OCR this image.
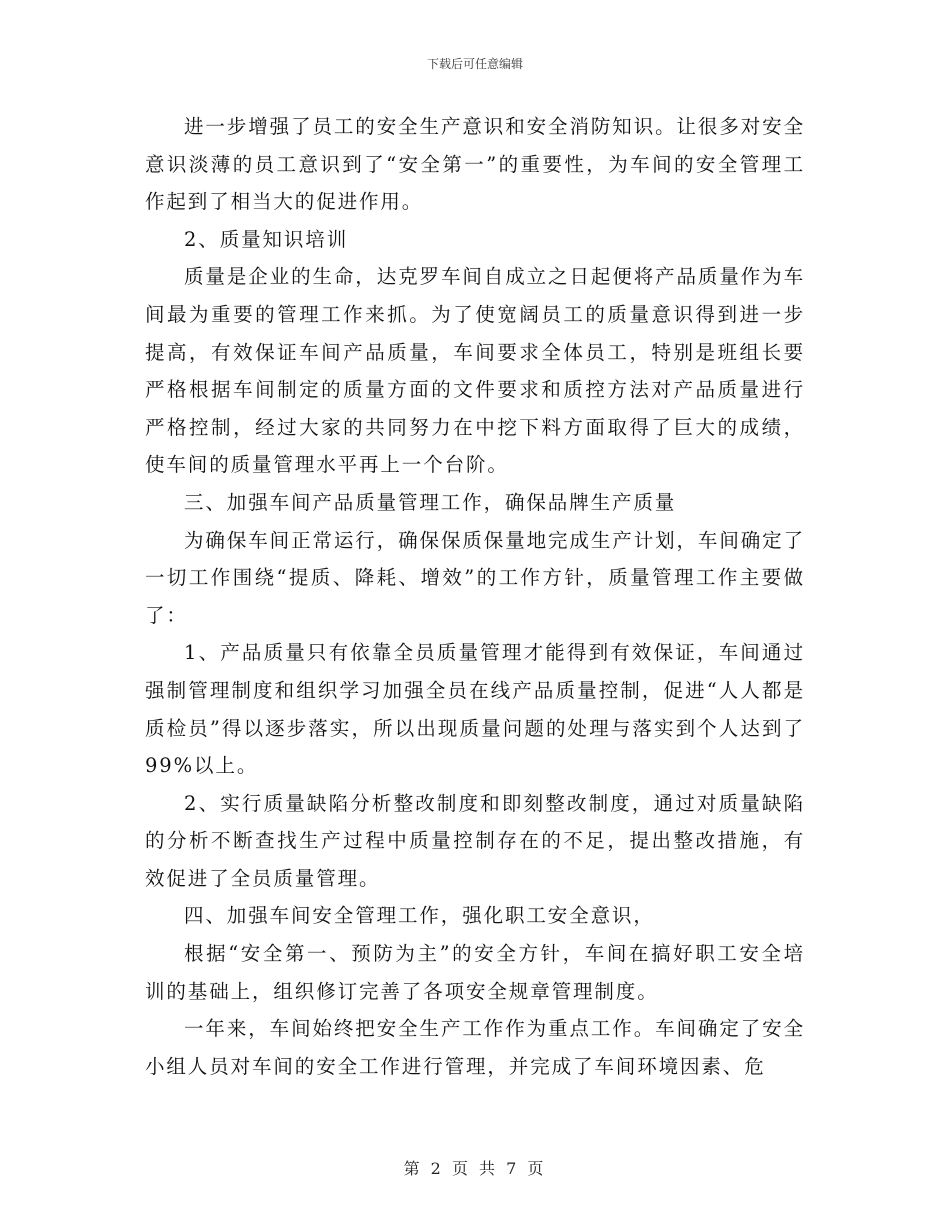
下载后可任意编辑

进一步增强了员工的安全生产意识和安全消防知识。让很多对安全意识淡薄的员工意识到了“安全第一”的重要性，为车间的安全管理工作起到了相当大的促进作用。

2、质量知识培训

质量是企业的生命，达克罗车间自成立之日起便将产品质量作为车间最为重要的管理工作来抓。为了使宽阔员工的质量意识得到进一步提高，有效保证车间产品质量，车间要求全体员工，特别是班组长要严格根据车间制定的质量方面的文件要求和质控方法对产品质量进行严格控制，经过大家的共同努力在中挖下料方面取得了巨大的成绩，使车间的质量管理水平再上一个台阶。

三、加强车间产品质量管理工作，确保品牌生产质量

为确保车间正常运行，确保保质保量地完成生产计划，车间确定了一切工作围绕“提质、降耗、增效”的工作方针，质量管理工作主要做了：

1、产品质量只有依靠全员质量管理才能得到有效保证，车间通过强制管理制度和组织学习加强全员在线产品质量控制，促进“人人都是质检员”得以逐步落实，所以出现质量问题的处理与落实到个人达到了99%以上。

2、实行质量缺陷分析整改制度和即刻整改制度，通过对质量缺陷的分析不断查找生产过程中质量控制存在的不足，提出整改措施，有效促进了全员质量管理。

四、加强车间安全管理工作，强化职工安全意识，

根据“安全第一、预防为主”的安全方针，车间在搞好职工安全培训的基础上，组织修订完善了各项安全规章管理制度。

一年来，车间始终把安全生产工作作为重点工作。车间确定了安全小组人员对车间的安全工作进行管理，并完成了车间环境因素、危

第 2 页 共 7 页
